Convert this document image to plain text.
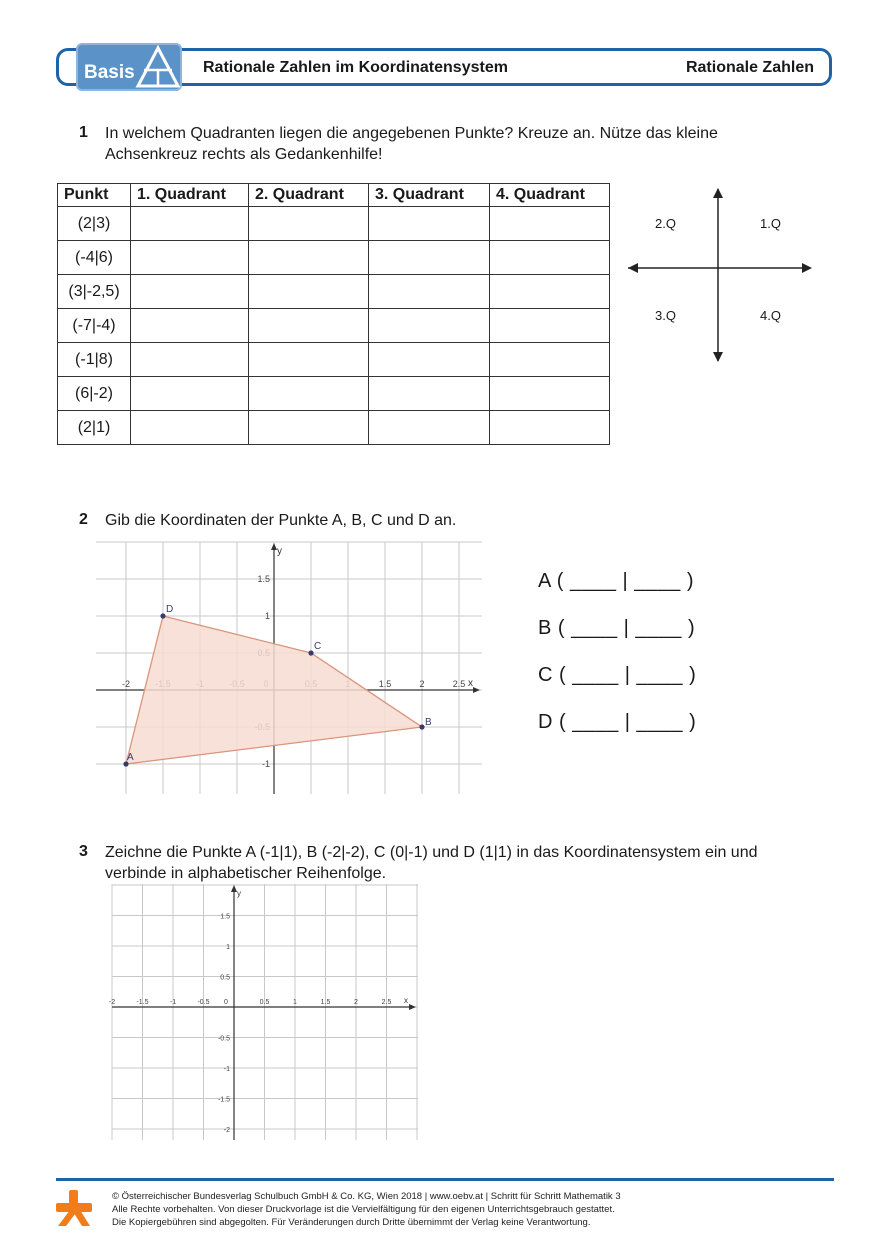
Basis	Rationale Zahlen im Koordinatensystem	Rationale Zahlen
1 In welchem Quadranten liegen die angegebenen Punkte? Kreuze an. Nütze das kleine
Achsenkreuz rechts als Gedankenhilfe!
Punkt	1. Quadrant	2. Quadrant	3. Quadrant	4. Quadrant
(2|3)				
(-4|6)				
(3|-2,5)				
(-7|-4)				
(-1|8)				
(6|-2)				
(2|1)				
2.Q	1.Q
3.Q	4.Q
2 Gib die Koordinaten der Punkte A, B, C und D an.
x
y
-2	1.5	2	2.5
1.5
1
-1
A
B
C
D
A ( ____ | ____ )
B ( ____ | ____ )
C ( ____ | ____ )
D ( ____ | ____ )
3 Zeichne die Punkte A (-1|1), B (-2|-2), C (0|-1) und D (1|1) in das Koordinatensystem ein und
verbinde in alphabetischer Reihenfolge.
x
y
-2	-1.5	-1	-0.5 0	0.5	1	1.5	2	2.5
1.5
1
0.5
-0.5
-1
-1.5
-2
© Österreichischer Bundesverlag Schulbuch GmbH & Co. KG, Wien 2018 | www.oebv.at | Schritt für Schritt Mathematik 3
Alle Rechte vorbehalten. Von dieser Druckvorlage ist die Vervielfältigung für den eigenen Unterrichtsgebrauch gestattet.
Die Kopiergebühren sind abgegolten. Für Veränderungen durch Dritte übernimmt der Verlag keine Verantwortung.
